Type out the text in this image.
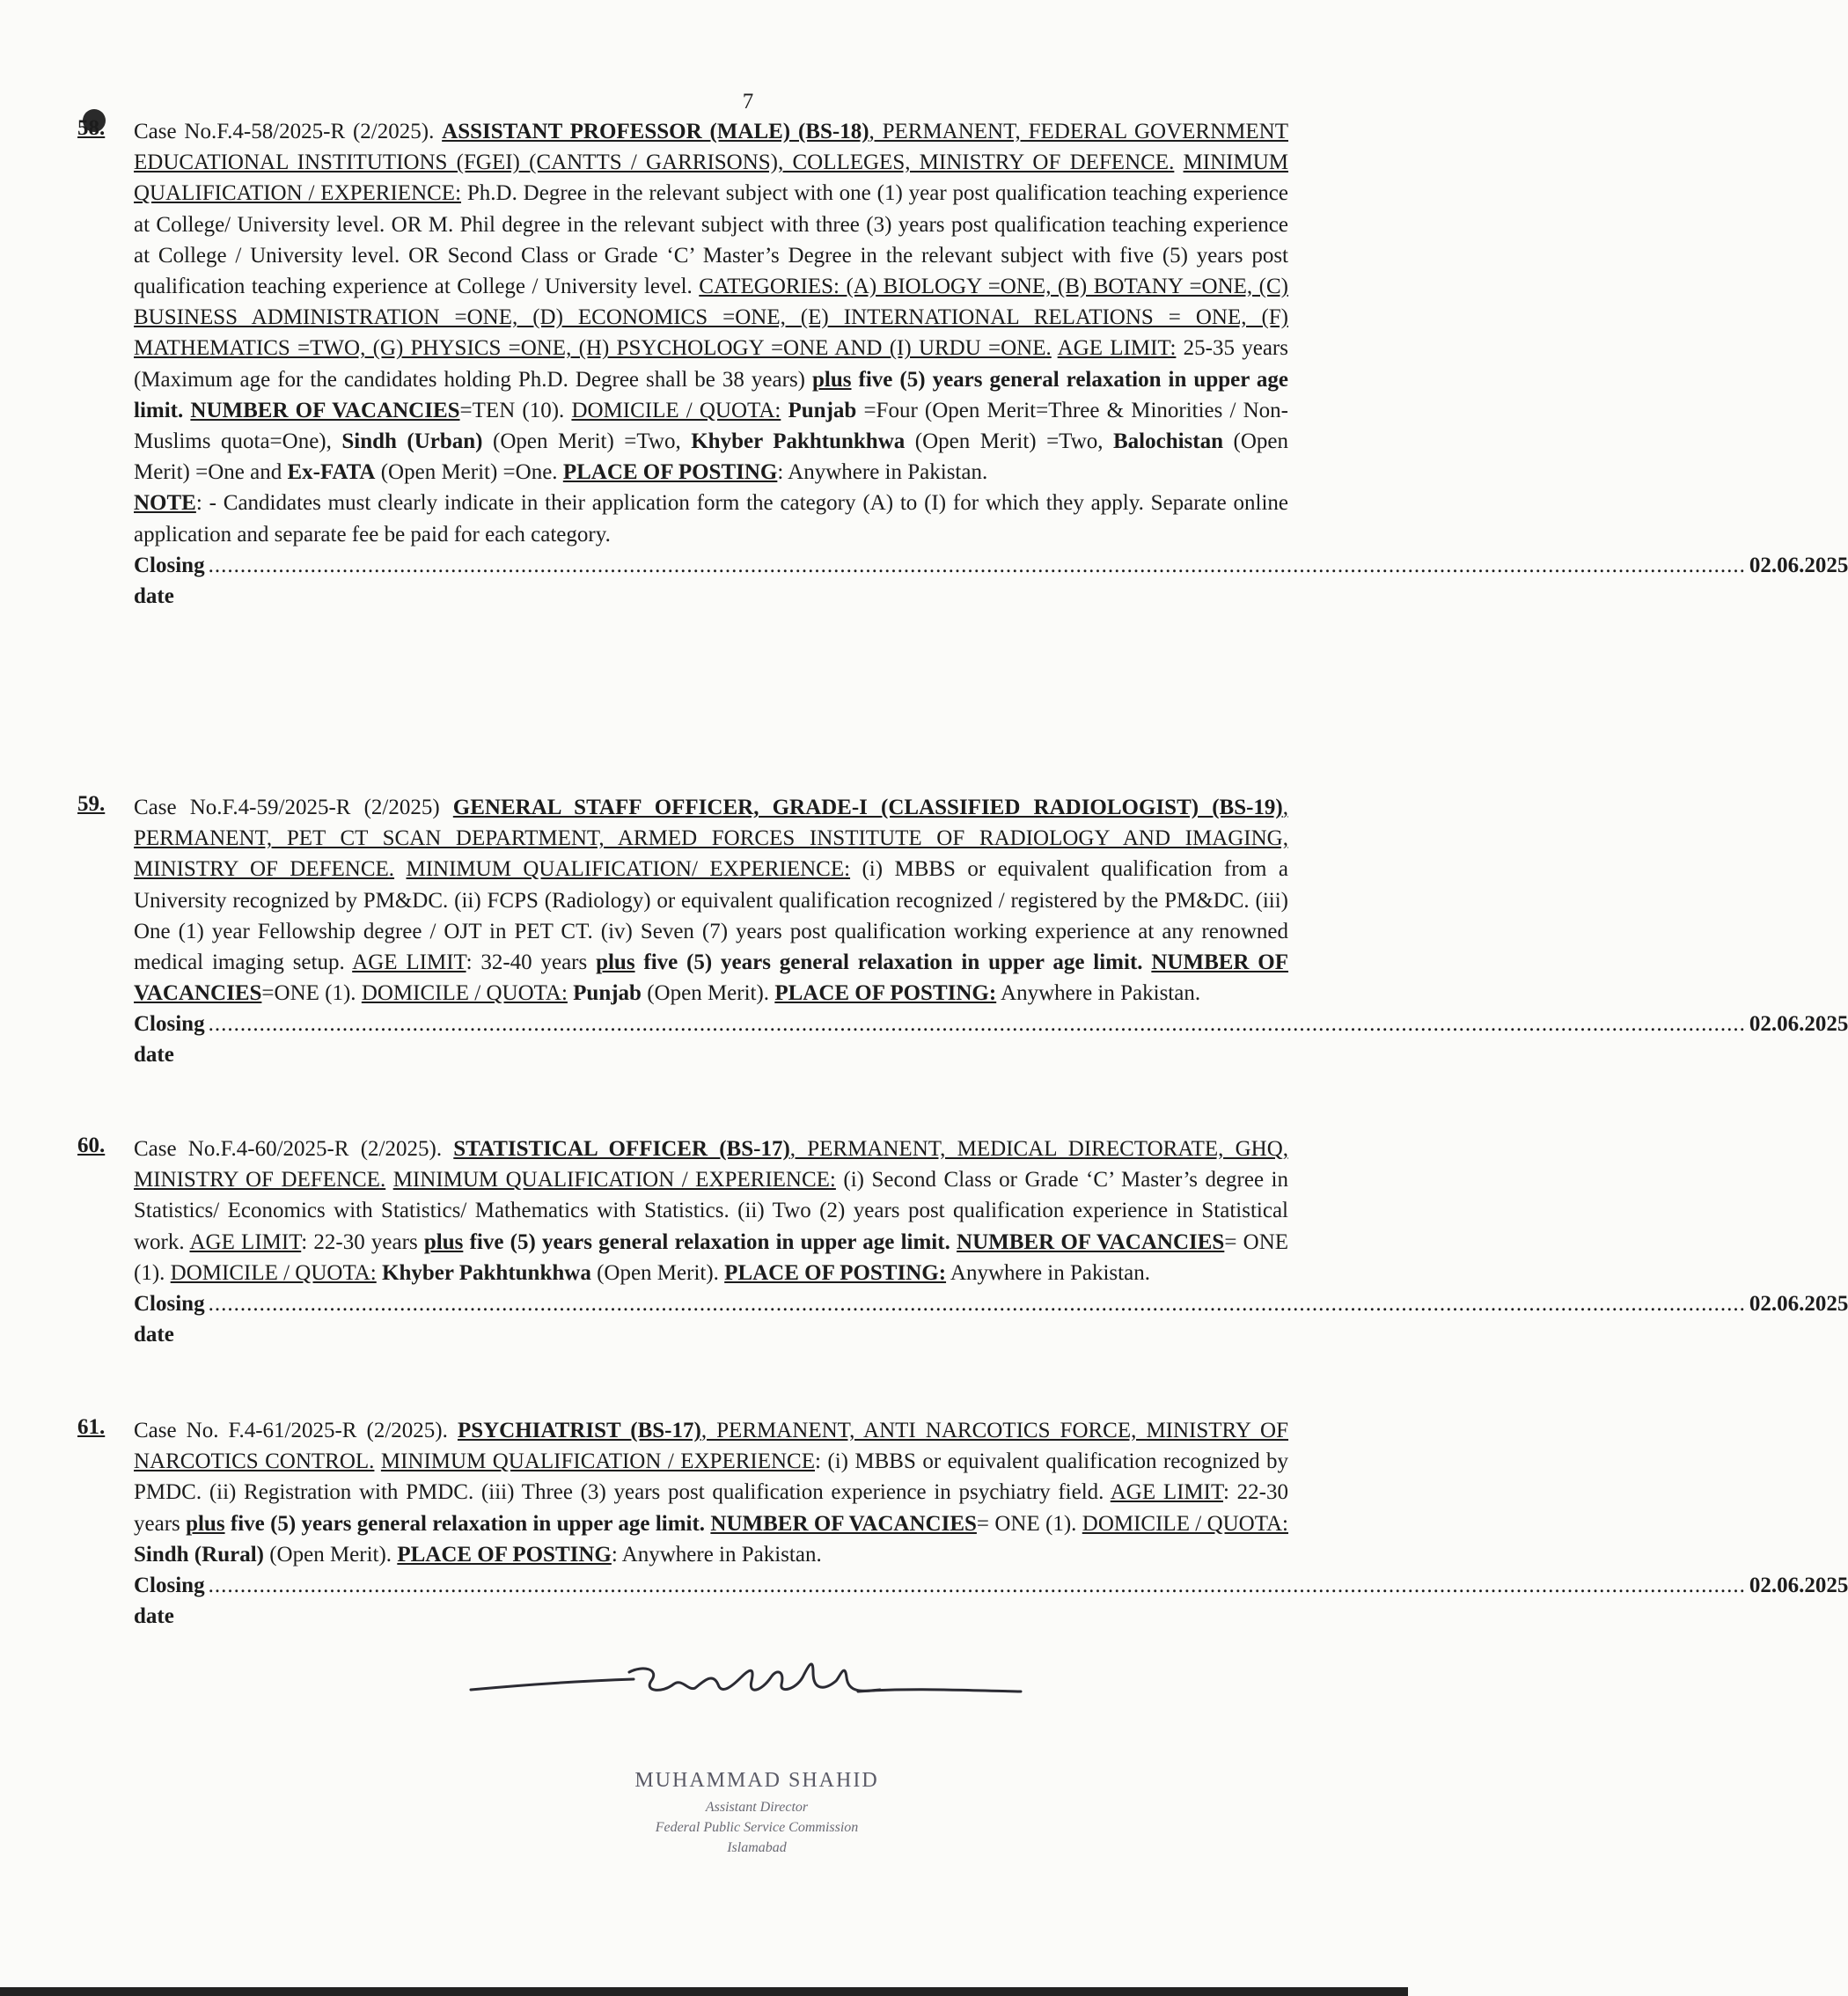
7
58. Case No.F.4-58/2025-R (2/2025). ASSISTANT PROFESSOR (MALE) (BS-18), PERMANENT, FEDERAL GOVERNMENT EDUCATIONAL INSTITUTIONS (FGEI) (CANTTS / GARRISONS), COLLEGES, MINISTRY OF DEFENCE. MINIMUM QUALIFICATION / EXPERIENCE: Ph.D. Degree in the relevant subject with one (1) year post qualification teaching experience at College/ University level. OR M. Phil degree in the relevant subject with three (3) years post qualification teaching experience at College / University level. OR Second Class or Grade ‘C’ Master’s Degree in the relevant subject with five (5) years post qualification teaching experience at College / University level. CATEGORIES: (A) BIOLOGY =ONE, (B) BOTANY =ONE, (C) BUSINESS ADMINISTRATION =ONE, (D) ECONOMICS =ONE, (E) INTERNATIONAL RELATIONS = ONE, (F) MATHEMATICS =TWO, (G) PHYSICS =ONE, (H) PSYCHOLOGY =ONE AND (I) URDU =ONE. AGE LIMIT: 25-35 years (Maximum age for the candidates holding Ph.D. Degree shall be 38 years) plus five (5) years general relaxation in upper age limit. NUMBER OF VACANCIES=TEN (10). DOMICILE / QUOTA: Punjab =Four (Open Merit=Three & Minorities / Non-Muslims quota=One), Sindh (Urban) (Open Merit) =Two, Khyber Pakhtunkhwa (Open Merit) =Two, Balochistan (Open Merit) =One and Ex-FATA (Open Merit) =One. PLACE OF POSTING: Anywhere in Pakistan.
NOTE: - Candidates must clearly indicate in their application form the category (A) to (I) for which they apply. Separate online application and separate fee be paid for each category.
Closing date
................................................................................................................................................................................................................................................. 02.06.2025
59. Case No.F.4-59/2025-R (2/2025) GENERAL STAFF OFFICER, GRADE-I (CLASSIFIED RADIOLOGIST) (BS-19), PERMANENT, PET CT SCAN DEPARTMENT, ARMED FORCES INSTITUTE OF RADIOLOGY AND IMAGING, MINISTRY OF DEFENCE. MINIMUM QUALIFICATION/ EXPERIENCE: (i) MBBS or equivalent qualification from a University recognized by PM&DC. (ii) FCPS (Radiology) or equivalent qualification recognized / registered by the PM&DC. (iii) One (1) year Fellowship degree / OJT in PET CT. (iv) Seven (7) years post qualification working experience at any renowned medical imaging setup. AGE LIMIT: 32-40 years plus five (5) years general relaxation in upper age limit. NUMBER OF VACANCIES=ONE (1). DOMICILE / QUOTA: Punjab (Open Merit). PLACE OF POSTING: Anywhere in Pakistan.
Closing date
................................................................................................................................................................................................................................................. 02.06.2025
60. Case No.F.4-60/2025-R (2/2025). STATISTICAL OFFICER (BS-17), PERMANENT, MEDICAL DIRECTORATE, GHQ, MINISTRY OF DEFENCE. MINIMUM QUALIFICATION / EXPERIENCE: (i) Second Class or Grade ‘C’ Master’s degree in Statistics/ Economics with Statistics/ Mathematics with Statistics. (ii) Two (2) years post qualification experience in Statistical work. AGE LIMIT: 22-30 years plus five (5) years general relaxation in upper age limit. NUMBER OF VACANCIES= ONE (1). DOMICILE / QUOTA: Khyber Pakhtunkhwa (Open Merit). PLACE OF POSTING: Anywhere in Pakistan.
Closing date
................................................................................................................................................................................................................................................. 02.06.2025
61. Case No. F.4-61/2025-R (2/2025). PSYCHIATRIST (BS-17), PERMANENT, ANTI NARCOTICS FORCE, MINISTRY OF NARCOTICS CONTROL. MINIMUM QUALIFICATION / EXPERIENCE: (i) MBBS or equivalent qualification recognized by PMDC. (ii) Registration with PMDC. (iii) Three (3) years post qualification experience in psychiatry field. AGE LIMIT: 22-30 years plus five (5) years general relaxation in upper age limit. NUMBER OF VACANCIES= ONE (1). DOMICILE / QUOTA: Sindh (Rural) (Open Merit). PLACE OF POSTING: Anywhere in Pakistan.
Closing date
................................................................................................................................................................................................................................................. 02.06.2025
MUHAMMAD SHAHID
Assistant Director
Federal Public Service Commission
Islamabad
